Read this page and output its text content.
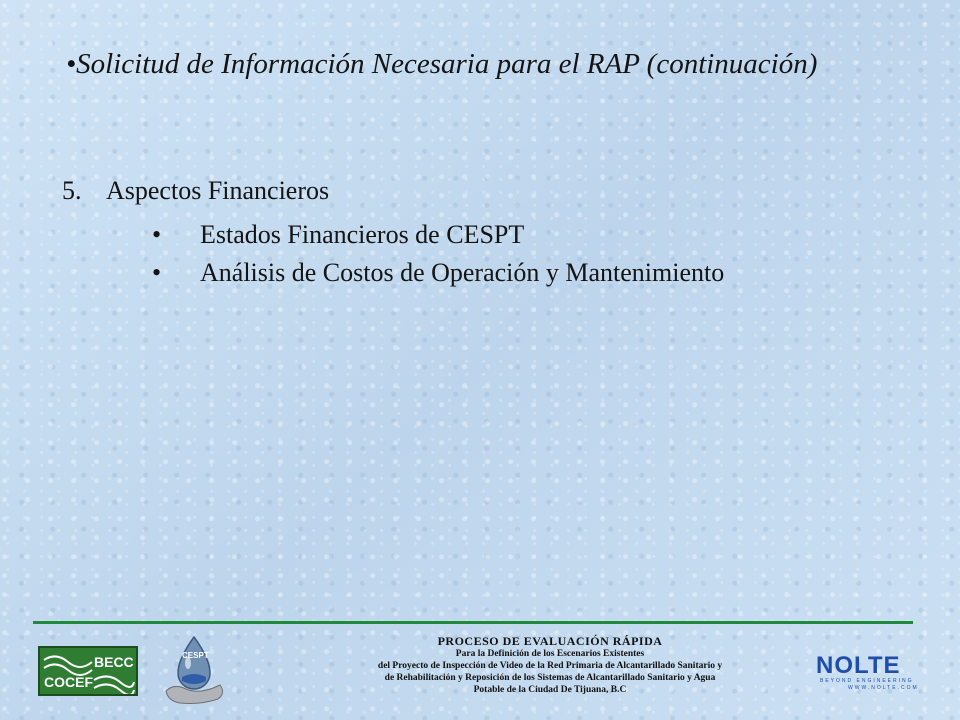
•Solicitud de Información Necesaria para el RAP (continuación)
5. Aspectos Financieros
• Estados Financieros de CESPT
• Análisis de Costos de Operación y Mantenimiento
BECC
COCEF
CESPT
PROCESO DE EVALUACIÓN RÁPIDA
Para la Definición de los Escenarios Existentes
del Proyecto de Inspección de Video de la Red Primaria de Alcantarillado Sanitario y
de Rehabilitación y Reposición de los Sistemas de Alcantarillado Sanitario y Agua
Potable de la Ciudad De Tijuana, B.C
NOLTE
BEYOND ENGINEERING
WWW.NOLTE.COM
